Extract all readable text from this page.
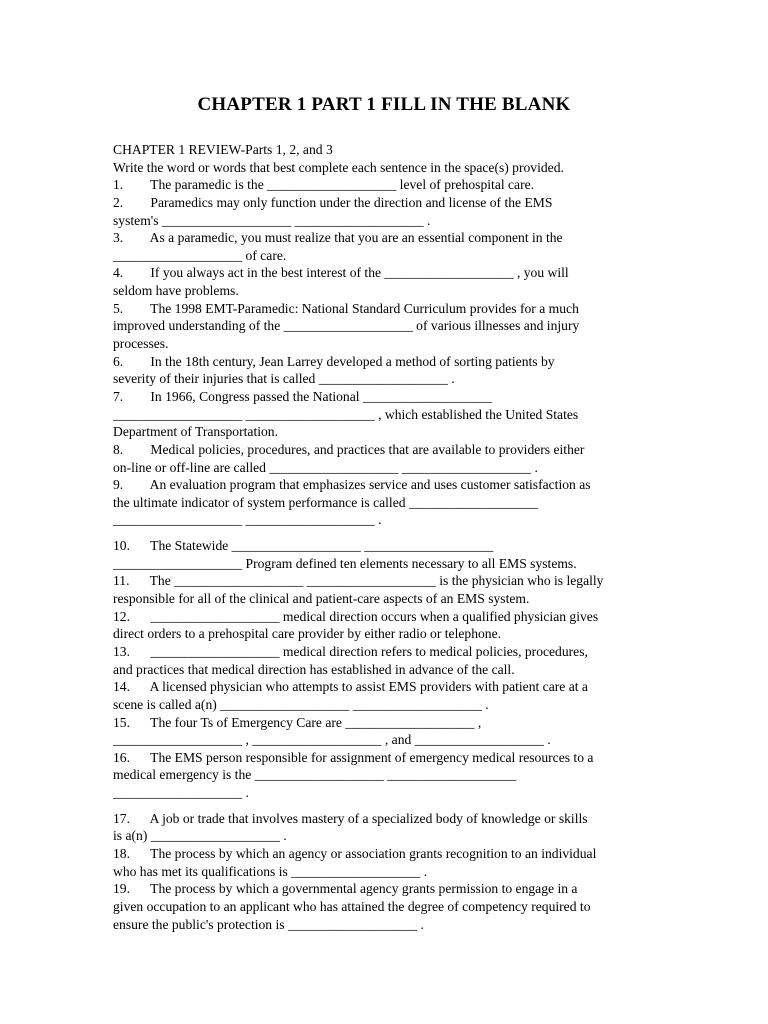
CHAPTER 1 PART 1 FILL IN THE BLANK
CHAPTER 1 REVIEW-Parts 1, 2, and 3
Write the word or words that best complete each sentence in the space(s) provided.
1.        The paramedic is the ___________________ level of prehospital care.
2.        Paramedics may only function under the direction and license of the EMS
system's ___________________ ___________________ .
3.        As a paramedic, you must realize that you are an essential component in the
___________________ of care.
4.        If you always act in the best interest of the ___________________ , you will
seldom have problems.
5.        The 1998 EMT-Paramedic: National Standard Curriculum provides for a much
improved understanding of the ___________________ of various illnesses and injury
processes.
6.        In the 18th century, Jean Larrey developed a method of sorting patients by
severity of their injuries that is called ___________________ .
7.        In 1966, Congress passed the National ___________________
___________________ ___________________ , which established the United States
Department of Transportation.
8.        Medical policies, procedures, and practices that are available to providers either
on-line or off-line are called ___________________ ___________________ .
9.        An evaluation program that emphasizes service and uses customer satisfaction as
the ultimate indicator of system performance is called ___________________
___________________ ___________________ .
10.      The Statewide ___________________ ___________________
___________________ Program defined ten elements necessary to all EMS systems.
11.      The ___________________ ___________________ is the physician who is legally
responsible for all of the clinical and patient-care aspects of an EMS system.
12.      ___________________ medical direction occurs when a qualified physician gives
direct orders to a prehospital care provider by either radio or telephone.
13.      ___________________ medical direction refers to medical policies, procedures,
and practices that medical direction has established in advance of the call.
14.      A licensed physician who attempts to assist EMS providers with patient care at a
scene is called a(n) ___________________ ___________________ .
15.      The four Ts of Emergency Care are ___________________ ,
___________________ , ___________________ , and ___________________ .
16.      The EMS person responsible for assignment of emergency medical resources to a
medical emergency is the ___________________ ___________________
___________________ .
17.      A job or trade that involves mastery of a specialized body of knowledge or skills
is a(n) ___________________ .
18.      The process by which an agency or association grants recognition to an individual
who has met its qualifications is ___________________ .
19.      The process by which a governmental agency grants permission to engage in a
given occupation to an applicant who has attained the degree of competency required to
ensure the public's protection is ___________________ .
